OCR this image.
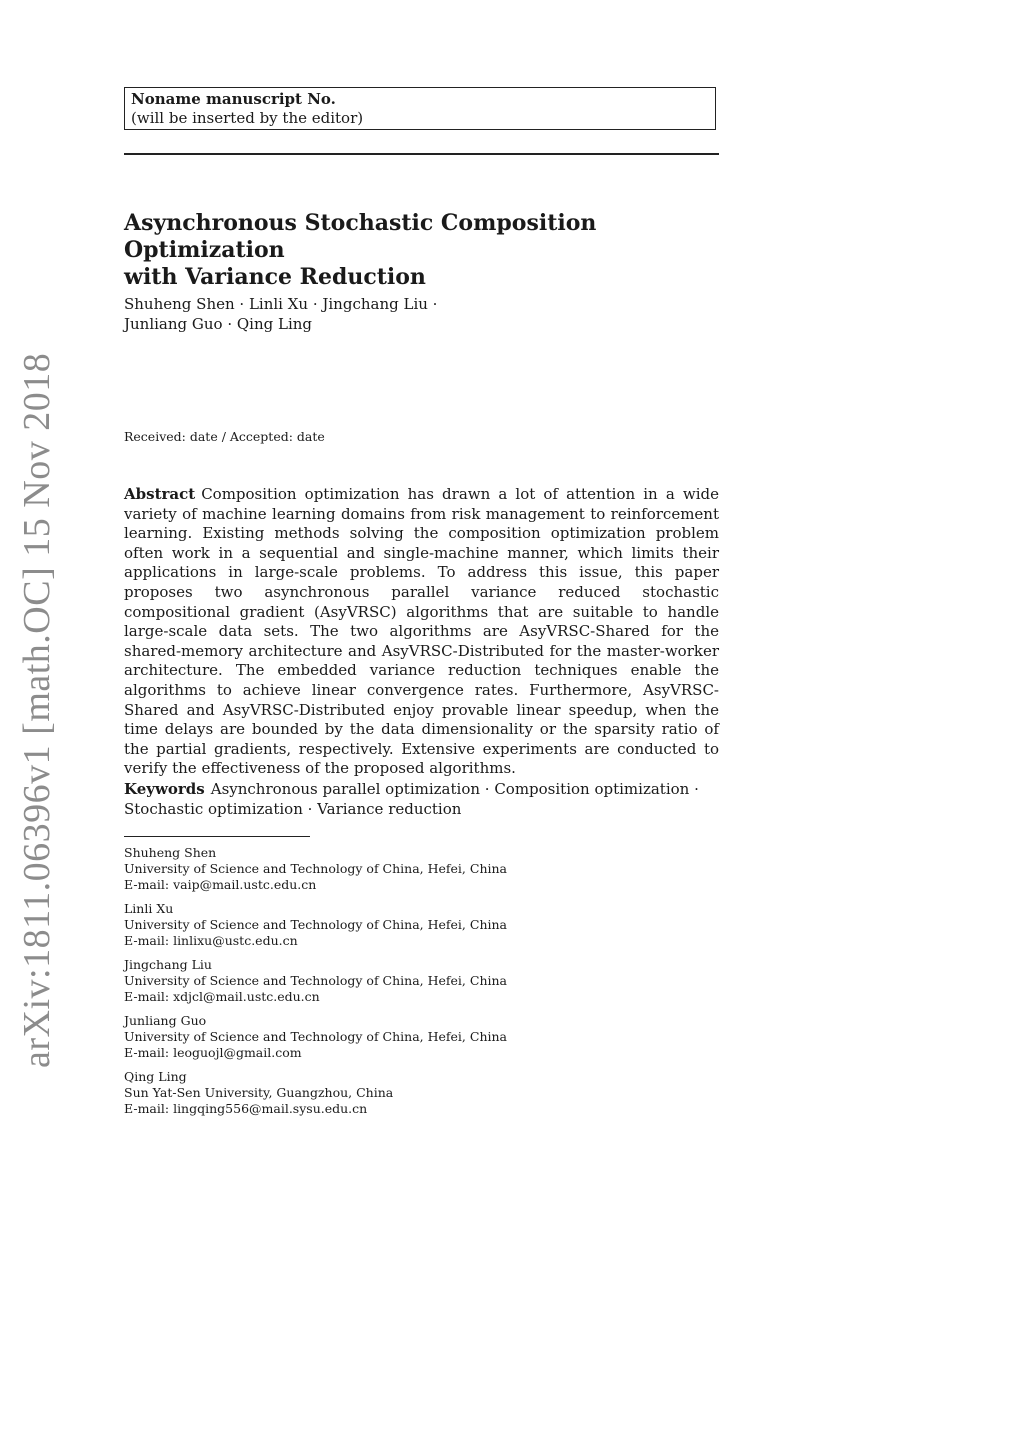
Noname manuscript No.
(will be inserted by the editor)
Asynchronous Stochastic Composition Optimization
with Variance Reduction
Shuheng Shen · Linli Xu · Jingchang Liu ·
Junliang Guo · Qing Ling
Received: date / Accepted: date
Abstract Composition optimization has drawn a lot of attention in a wide variety of machine learning domains from risk management to reinforcement learning. Existing methods solving the composition optimization problem often work in a sequential and single-machine manner, which limits their applications in large-scale problems. To address this issue, this paper proposes two asynchronous parallel variance reduced stochastic compositional gradient (AsyVRSC) algorithms that are suitable to handle large-scale data sets. The two algorithms are AsyVRSC-Shared for the shared-memory architecture and AsyVRSC-Distributed for the master-worker architecture. The embedded variance reduction techniques enable the algorithms to achieve linear convergence rates. Furthermore, AsyVRSC-Shared and AsyVRSC-Distributed enjoy provable linear speedup, when the time delays are bounded by the data dimensionality or the sparsity ratio of the partial gradients, respectively. Extensive experiments are conducted to verify the effectiveness of the proposed algorithms.
Keywords Asynchronous parallel optimization · Composition optimization · Stochastic optimization · Variance reduction
Shuheng Shen
University of Science and Technology of China, Hefei, China
E-mail: vaip@mail.ustc.edu.cn
Linli Xu
University of Science and Technology of China, Hefei, China
E-mail: linlixu@ustc.edu.cn
Jingchang Liu
University of Science and Technology of China, Hefei, China
E-mail: xdjcl@mail.ustc.edu.cn
Junliang Guo
University of Science and Technology of China, Hefei, China
E-mail: leoguojl@gmail.com
Qing Ling
Sun Yat-Sen University, Guangzhou, China
E-mail: lingqing556@mail.sysu.edu.cn
arXiv:1811.06396v1 [math.OC] 15 Nov 2018
